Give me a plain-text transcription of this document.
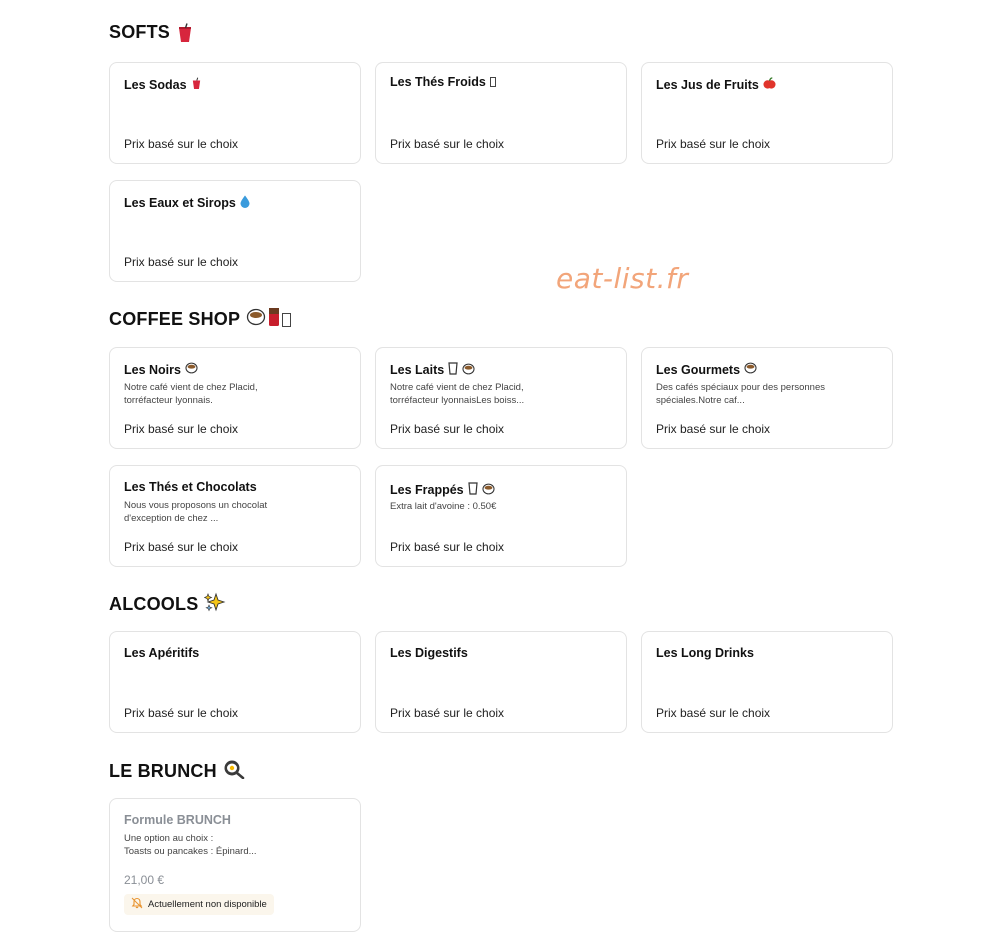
SOFTS
Les Sodas
Prix basé sur le choix
Les Thés Froids
Prix basé sur le choix
Les Jus de Fruits
Prix basé sur le choix
Les Eaux et Sirops
Prix basé sur le choix
COFFEE SHOP
Les Noirs
Notre café vient de chez Placid, torréfacteur lyonnais.
Prix basé sur le choix
Les Laits
Notre café vient de chez Placid, torréfacteur lyonnaisLes boiss...
Prix basé sur le choix
Les Gourmets
Des cafés spéciaux pour des personnes spéciales.Notre caf...
Prix basé sur le choix
Les Thés et Chocolats
Nous vous proposons un chocolat d'exception de chez ...
Prix basé sur le choix
Les Frappés
Extra lait d'avoine : 0.50€
Prix basé sur le choix
ALCOOLS
Les Apéritifs
Prix basé sur le choix
Les Digestifs
Prix basé sur le choix
Les Long Drinks
Prix basé sur le choix
LE BRUNCH
Formule BRUNCH
Une option au choix :
Toasts ou pancakes : Épinard...
21,00 €
Actuellement non disponible
eat-list.fr
